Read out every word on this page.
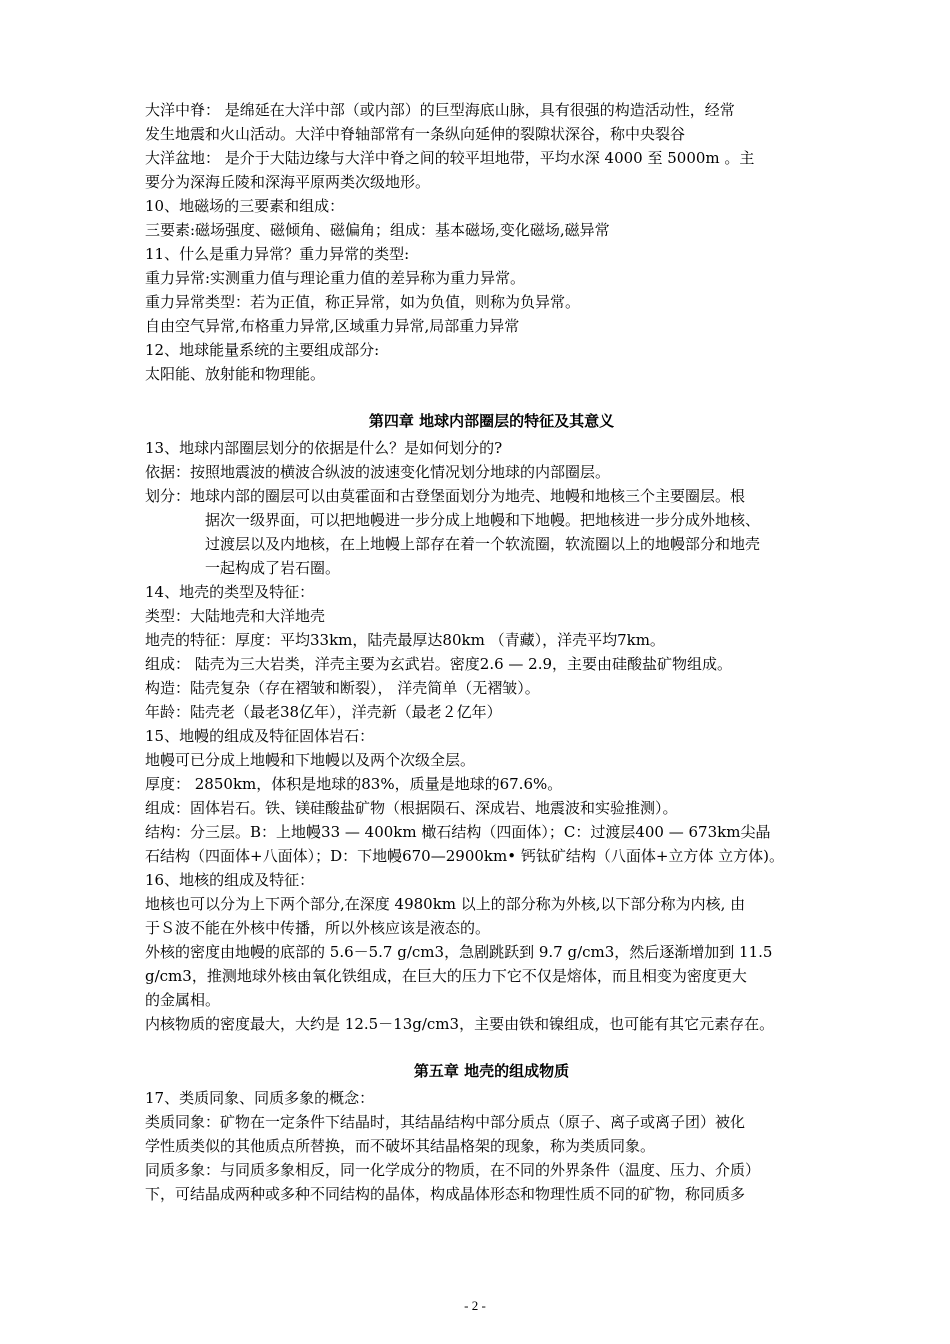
大洋中脊： 是绵延在大洋中部（或内部）的巨型海底山脉，具有很强的构造活动性，经常
发生地震和火山活动。大洋中脊轴部常有一条纵向延伸的裂隙状深谷，称中央裂谷
大洋盆地： 是介于大陆边缘与大洋中脊之间的较平坦地带，平均水深 4000 至 5000m 。主
要分为深海丘陵和深海平原两类次级地形。
10、地磁场的三要素和组成：
三要素:磁场强度、磁倾角、磁偏角；组成：基本磁场,变化磁场,磁异常
11、什么是重力异常？重力异常的类型:
重力异常:实测重力值与理论重力值的差异称为重力异常。
重力异常类型：若为正值，称正异常，如为负值，则称为负异常。
自由空气异常,布格重力异常,区域重力异常,局部重力异常
12、地球能量系统的主要组成部分:
太阳能、放射能和物理能。
第四章 地球内部圈层的特征及其意义
13、地球内部圈层划分的依据是什么？是如何划分的?
依据：按照地震波的横波合纵波的波速变化情况划分地球的内部圈层。
划分：地球内部的圈层可以由莫霍面和古登堡面划分为地壳、地幔和地核三个主要圈层。根
据次一级界面，可以把地幔进一步分成上地幔和下地幔。把地核进一步分成外地核、
过渡层以及内地核，在上地幔上部存在着一个软流圈，软流圈以上的地幔部分和地壳
一起构成了岩石圈。
14、地壳的类型及特征：
类型：大陆地壳和大洋地壳
地壳的特征：厚度：平均33km，陆壳最厚达80km （青藏），洋壳平均7km。
组成： 陆壳为三大岩类，洋壳主要为玄武岩。密度2.6 — 2.9，主要由硅酸盐矿物组成。
构造：陆壳复杂（存在褶皱和断裂）， 洋壳简单（无褶皱）。
年龄：陆壳老（最老38亿年），洋壳新（最老２亿年）
15、地幔的组成及特征固体岩石：
地幔可已分成上地幔和下地幔以及两个次级全层。
厚度： 2850km，体积是地球的83%，质量是地球的67.6%。
组成：固体岩石。铁、镁硅酸盐矿物（根据陨石、深成岩、地震波和实验推测）。
结构：分三层。B：上地幔33 — 400km 橄石结构（四面体）；C：过渡层400 — 673km尖晶
石结构（四面体+八面体）；D：下地幔670—2900km• 钙钛矿结构（八面体+立方体 立方体)。
16、地核的组成及特征：
地核也可以分为上下两个部分,在深度 4980km 以上的部分称为外核,以下部分称为内核, 由
于Ｓ波不能在外核中传播，所以外核应该是液态的。
外核的密度由地幔的底部的 5.6－5.7 g/cm3，急剧跳跃到 9.7 g/cm3，然后逐渐增加到 11.5
g/cm3，推测地球外核由氧化铁组成，在巨大的压力下它不仅是熔体，而且相变为密度更大
的金属相。
内核物质的密度最大，大约是 12.5－13g/cm3，主要由铁和镍组成，也可能有其它元素存在。
第五章 地壳的组成物质
17、类质同象、同质多象的概念：
类质同象：矿物在一定条件下结晶时，其结晶结构中部分质点（原子、离子或离子团）被化
学性质类似的其他质点所替换，而不破坏其结晶格架的现象，称为类质同象。
同质多象：与同质多象相反，同一化学成分的物质，在不同的外界条件（温度、压力、介质）
下，可结晶成两种或多种不同结构的晶体，构成晶体形态和物理性质不同的矿物，称同质多
- 2 -
